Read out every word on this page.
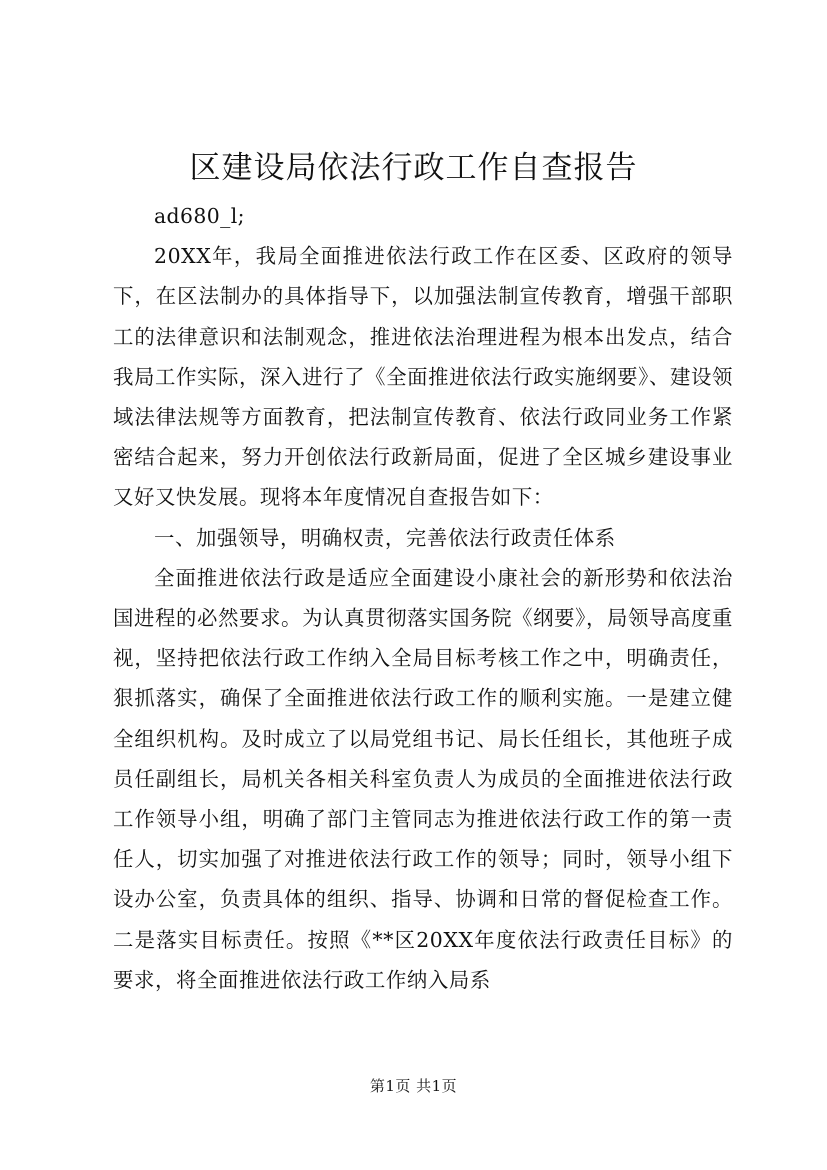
区建设局依法行政工作自查报告

ad680_l;

20XX年，我局全面推进依法行政工作在区委、区政府的领导下，在区法制办的具体指导下，以加强法制宣传教育，增强干部职工的法律意识和法制观念，推进依法治理进程为根本出发点，结合我局工作实际，深入进行了《全面推进依法行政实施纲要》、建设领域法律法规等方面教育，把法制宣传教育、依法行政同业务工作紧密结合起来，努力开创依法行政新局面，促进了全区城乡建设事业又好又快发展。现将本年度情况自查报告如下：

一、加强领导，明确权责，完善依法行政责任体系

全面推进依法行政是适应全面建设小康社会的新形势和依法治国进程的必然要求。为认真贯彻落实国务院《纲要》，局领导高度重视，坚持把依法行政工作纳入全局目标考核工作之中，明确责任，狠抓落实，确保了全面推进依法行政工作的顺利实施。一是建立健全组织机构。及时成立了以局党组书记、局长任组长，其他班子成员任副组长，局机关各相关科室负责人为成员的全面推进依法行政工作领导小组，明确了部门主管同志为推进依法行政工作的第一责任人，切实加强了对推进依法行政工作的领导；同时，领导小组下设办公室，负责具体的组织、指导、协调和日常的督促检查工作。二是落实目标责任。按照《**区20XX年度依法行政责任目标》的要求，将全面推进依法行政工作纳入局系

第1页 共1页
